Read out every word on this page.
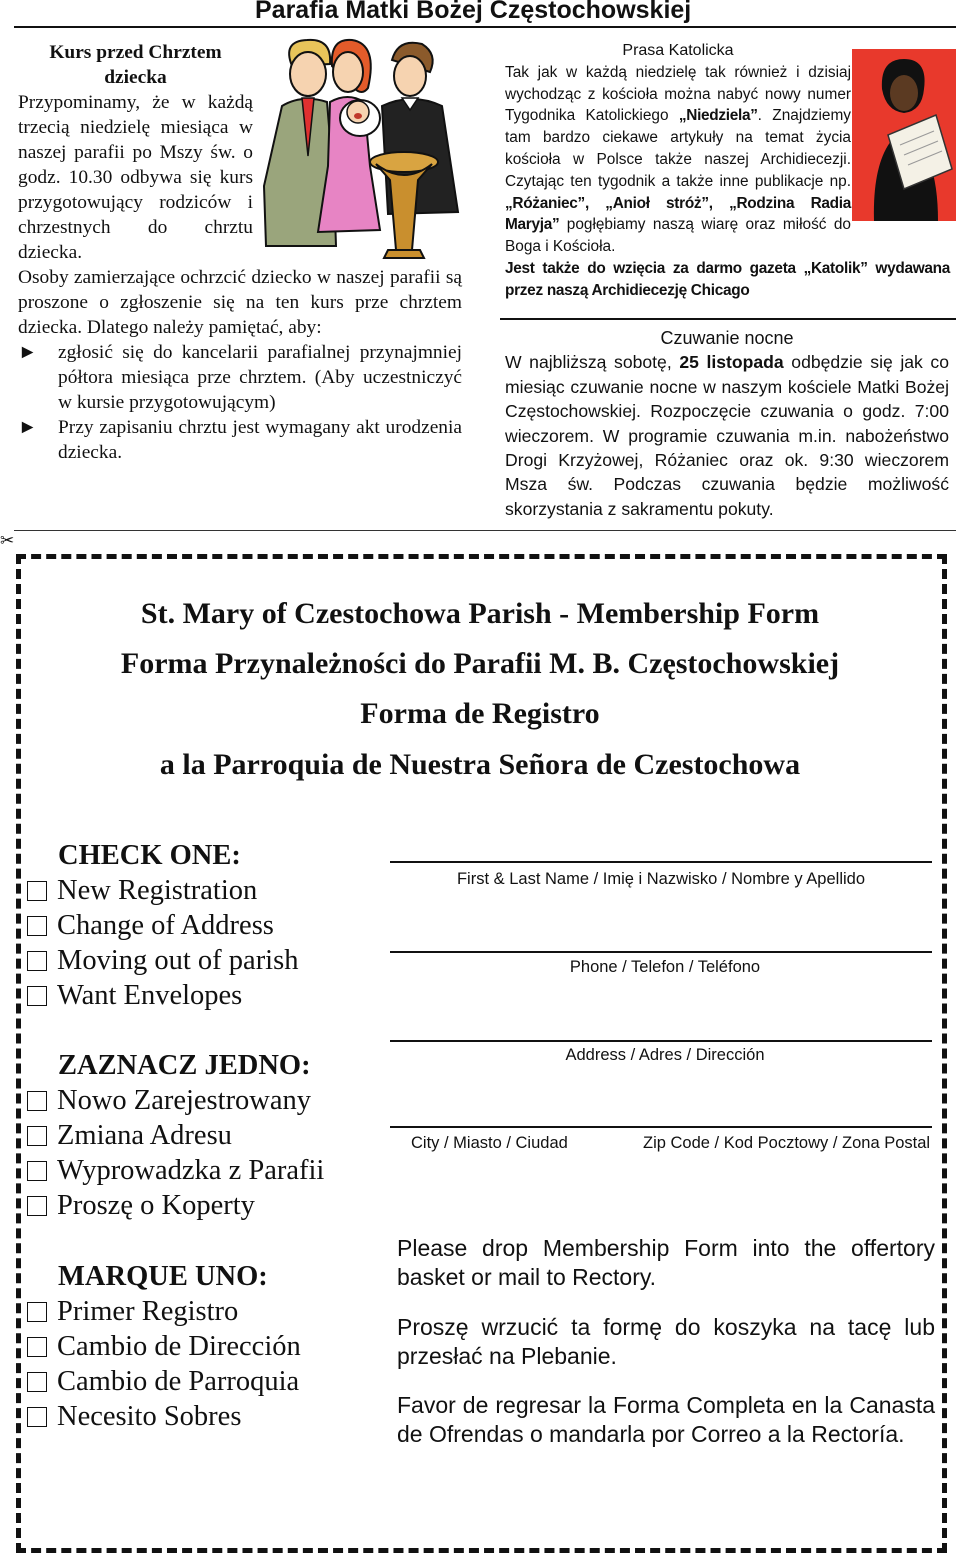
Parafia Matki Bożej Częstochowskiej
Kurs przed Chrztem dziecka

Przypominamy, że w każdą trzecią niedzielę miesiąca w naszej parafii po Mszy św. o godz. 10.30 odbywa się kurs przygotowujący rodziców i chrzestnych do chrztu dziecka.

Osoby zamierzające ochrzcić dziecko w naszej parafii są proszone o zgłoszenie się na ten kurs prze chrztem dziecka. Dlatego należy pamiętać, aby:

► zgłosić się do kancelarii parafialnej przynajmniej półtora miesiąca prze chrztem. (Aby uczestniczyć w kursie przygotowującym)

► Przy zapisaniu chrztu jest wymagany akt urodzenia dziecka.

Prasa Katolicka

Tak jak w każdą niedzielę tak również i dzisiaj wychodząc z kościoła można nabyć nowy numer Tygodnika Katolickiego „Niedziela”. Znajdziemy tam bardzo ciekawe artykuły na temat życia kościoła w Polsce także naszej Archidiecezji. Czytając ten tygodnik a także inne publikacje np. „Różaniec”, „Anioł stróż”, „Rodzina Radia Maryja” pogłębiamy naszą wiarę oraz miłość do Boga i Kościoła.

Jest także do wzięcia za darmo gazeta „Katolik” wydawana przez naszą Archidiecezję Chicago

Czuwanie nocne

W najbliższą sobotę, 25 listopada odbędzie się jak co miesiąc czuwanie nocne w naszym kościele Matki Bożej Częstochowskiej. Rozpoczęcie czuwania o godz. 7:00 wieczorem. W programie czuwania m.in. nabożeństwo Drogi Krzyżowej, Różaniec oraz ok. 9:30 wieczorem Msza św. Podczas czuwania będzie możliwość skorzystania z sakramentu pokuty.

✂
St. Mary of Czestochowa Parish - Membership Form
Forma Przynależności do Parafii M. B. Częstochowskiej
Forma de Registro
a la Parroquia de Nuestra Señora de Czestochowa
CHECK ONE:
New Registration
Change of Address
Moving out of parish
Want Envelopes
ZAZNACZ JEDNO:
Nowo Zarejestrowany
Zmiana Adresu
Wyprowadzka z Parafii
Proszę o Koperty
MARQUE UNO:
Primer Registro
Cambio de Dirección
Cambio de Parroquia
Necesito Sobres
First & Last Name / Imię i Nazwisko / Nombre y Apellido
Phone / Telefon / Teléfono
Address / Adres / Dirección
City / Miasto / Ciudad	Zip Code / Kod Pocztowy / Zona Postal
Please drop Membership Form into the offertory basket or mail to Rectory.
Proszę wrzucić ta formę do koszyka na tacę lub przesłać na Plebanie.
Favor de regresar la Forma Completa en la Canasta de Ofrendas o mandarla por Correo a la Rectoría.
